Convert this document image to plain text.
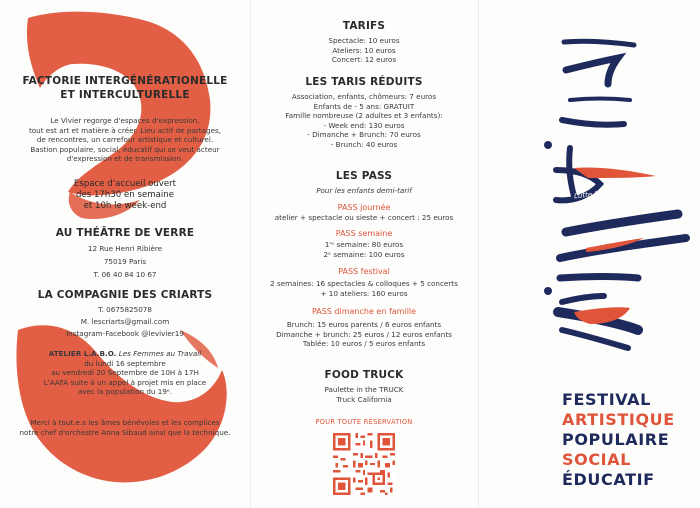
FACTORIE INTERGÉNÉRATIONELLE
ET INTERCULTURELLE
Le Vivier regorge d'espaces d'expression,
tout est art et matière à créer. Lieu actif de partages,
de rencontres, un carrefour artistique et culturel.
Bastion populaire, social, éducatif qui se veut acteur
d'expression et de transmission.
Espace d'accueil ouvert
des 17h30 en semaine
et 10h le week-end
AU THÉÂTRE DE VERRE
12 Rue Henri Ribière
75019 Paris
T. 06 40 84 10 67
LA COMPAGNIE DES CRIARTS
T. 0675825078
M. lescriarts@gmail.com
Instagram-Facebook @levivier19
ATELIER L.A.B.O. Les Femmes au Travail
du lundi 16 septembre
au vendredi 20 Septembre de 10H à 17H
L'AAFA suite à un appel à projet mis en place
avec la population du 19ᵉ.
Merci à tout.e.s les âmes bénévoles et les complices
notre chef d'orchestre Anna Sibaud ainsi que la technique.
TARIFS
Spectacle: 10 euros
Ateliers: 10 euros
Concert: 12 euros
LES TARIS RÉDUITS
Association, enfants, chômeurs: 7 euros
Enfants de - 5 ans: GRATUIT
Famille nombreuse (2 adultes et 3 enfants):
- Week end: 130 euros
- Dimanche + Brunch: 70 euros
- Brunch: 40 euros
LES PASS
Pour les enfants demi-tarif
PASS journée
atelier + spectacle ou sieste + concert : 25 euros
PASS semaine
1ʳᵉ semaine: 80 euros
2ᵉ semaine: 100 euros
PASS festival
2 semaines: 16 spectacles & colloques + 5 concerts
+ 10 ateliers: 160 euros
PASS dimanche en famille
Brunch: 15 euros parents / 6 euros enfants
Dimanche + brunch: 25 euros / 12 euros enfants
Tablée: 10 euros / 5 euros enfants
FOOD TRUCK
Paulette in the TRUCK
Truck California
POUR TOUTE RÉSERVATION
Lutte Engagée
FESTIVAL
ARTISTIQUE
POPULAIRE
SOCIAL
ÉDUCATIF
